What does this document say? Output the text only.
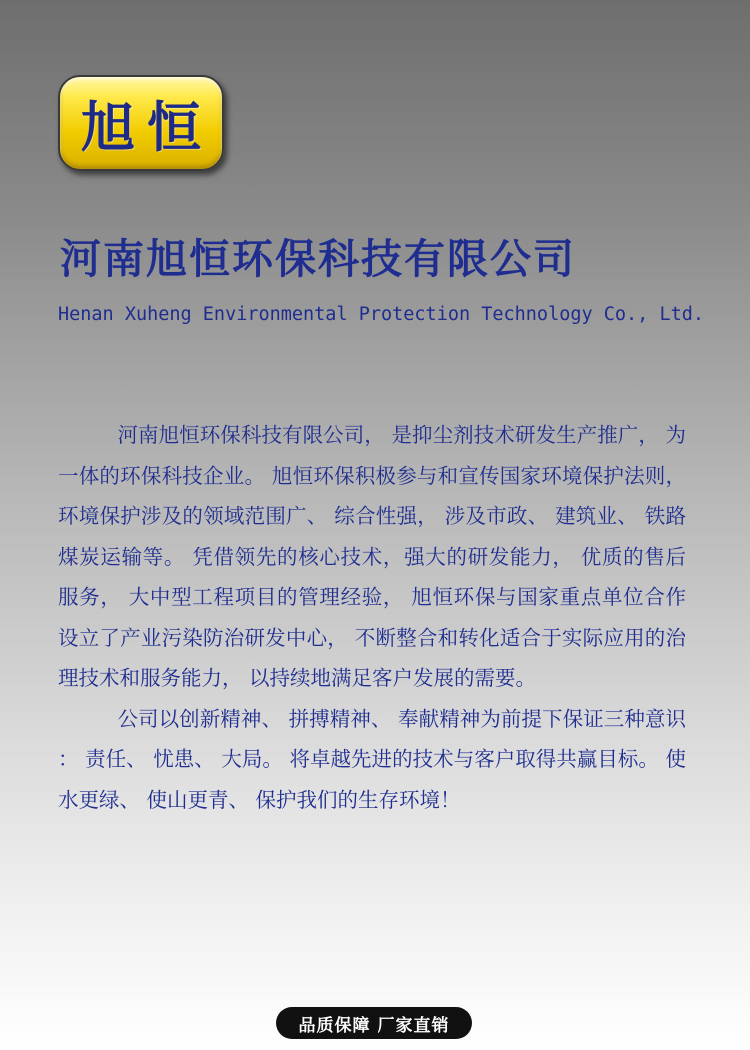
旭恒
河南旭恒环保科技有限公司
Henan Xuheng Environmental Protection Technology Co., Ltd.

河南旭恒环保科技有限公司， 是抑尘剂技术研发生产推广， 为一体的环保科技企业。 旭恒环保积极参与和宣传国家环境保护法则， 环境保护涉及的领域范围广、 综合性强， 涉及市政、 建筑业、 铁路煤炭运输等。 凭借领先的核心技术，强大的研发能力， 优质的售后服务， 大中型工程项目的管理经验， 旭恒环保与国家重点单位合作设立了产业污染防治研发中心， 不断整合和转化适合于实际应用的治理技术和服务能力， 以持续地满足客户发展的需要。

公司以创新精神、 拼搏精神、 奉献精神为前提下保证三种意识 ： 责任、 忧患、 大局。 将卓越先进的技术与客户取得共赢目标。 使水更绿、 使山更青、 保护我们的生存环境！

品质保障 厂家直销
